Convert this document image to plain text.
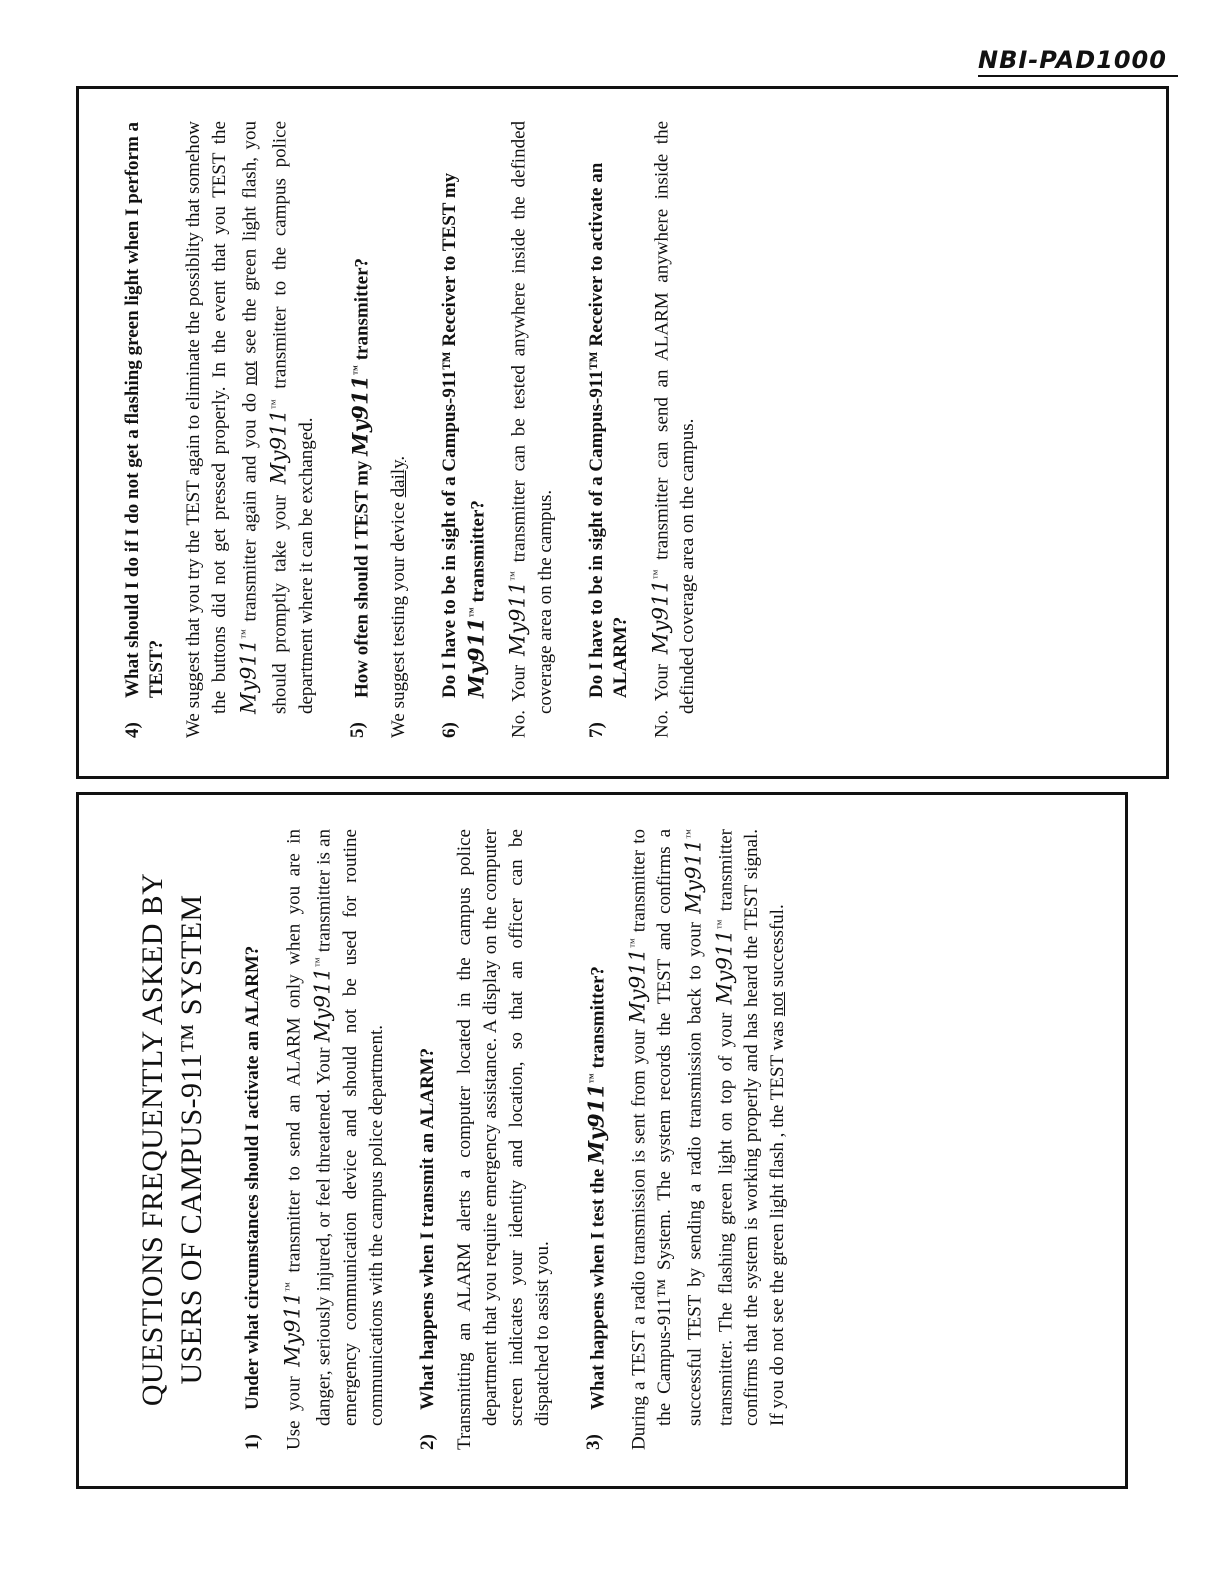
NBI-PAD1000
QUESTIONS FREQUENTLY ASKED BY USERS OF CAMPUS-911™ SYSTEM
1)
Under what circumstances should I activate an ALARM?

Use your My911™ transmitter to send an ALARM only when you are in danger, seriously injured, or feel threatened. Your My911™ transmitter is an emergency communication device and should not be used for routine communications with the campus police department.

2)
What happens when I transmit an ALARM? Transmitting an ALARM alerts a computer located in the campus police department that you require emergency assistance. A display on the computer screen indicates your identity and location, so that an officer can be dispatched to assist you.

3)
What happens when I test the My911™ transmitter?

During a TEST a radio transmission is sent from your My911™ transmitter to the Campus-911™ System. The system records the TEST and confirms a successful TEST by sending a radio transmission back to your My911™ transmitter. The flashing green light on top of your My911™ transmitter confirms that the system is working properly and has heard the TEST signal. If you do not see the green light flash , the TEST was not successful.

4)
What should I do if I do not get a flashing green light when I perform a TEST? We suggest that you try the TEST again to eliminate the possiblity that somehow the buttons did not get pressed properly. In the event that you TEST the My911™ transmitter again and you do not see the green light flash, you should promptly take your My911™ transmitter to the campus police department where it can be exchanged.

5)
How often should I TEST my My911™ transmitter?

We suggest testing your device daily.

6)
Do I have to be in sight of a Campus-911™ Receiver to TEST my My911™ transmitter?

No. Your My911™ transmitter can be tested anywhere inside the definded coverage area on the campus.

7)
Do I have to be in sight of a Campus-911™ Receiver to activate an ALARM?

No. Your My911™ transmitter can send an ALARM anywhere inside the definded coverage area on the campus.
